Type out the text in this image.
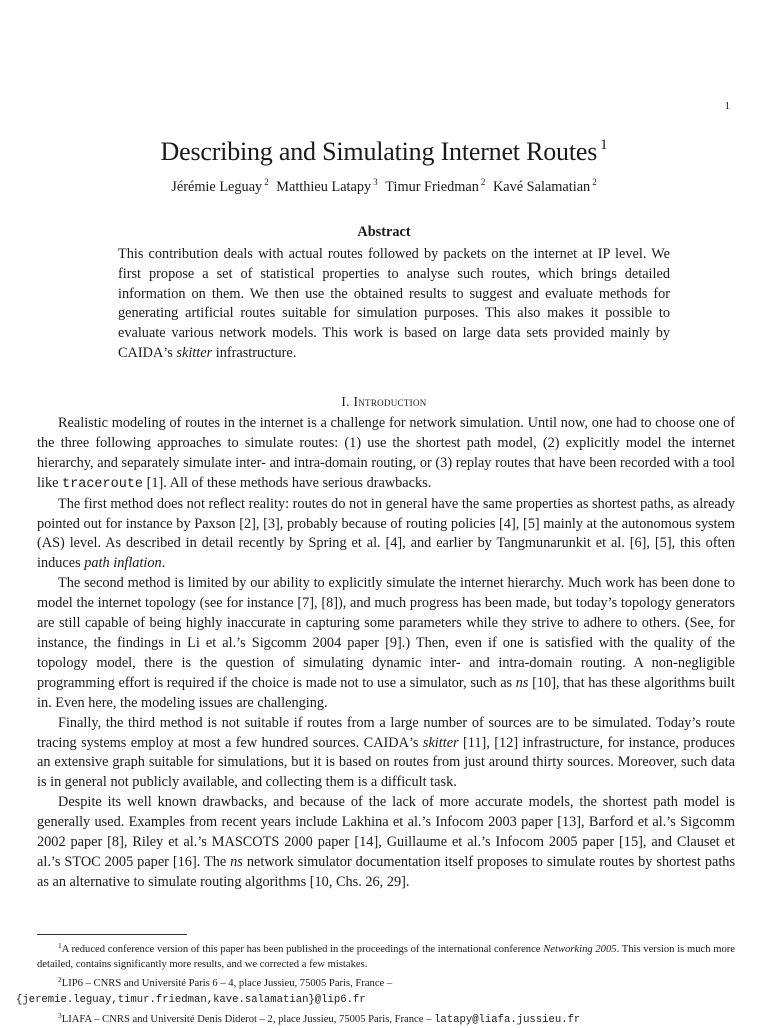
1
Describing and Simulating Internet Routes $^1$
Jérémie Leguay $^2$ Matthieu Latapy $^3$ Timur Friedman $^2$ Kavé Salamatian $^2$
Abstract
This contribution deals with actual routes followed by packets on the internet at IP level. We first propose a set of statistical properties to analyse such routes, which brings detailed information on them. We then use the obtained results to suggest and evaluate methods for generating artificial routes suitable for simulation purposes. This also makes it possible to evaluate various network models. This work is based on large data sets provided mainly by CAIDA’s skitter infrastructure.
I. Introduction

Realistic modeling of routes in the internet is a challenge for network simulation. Until now, one had to choose one of the three following approaches to simulate routes: (1) use the shortest path model, (2) explicitly model the internet hierarchy, and separately simulate inter- and intra-domain routing, or (3) replay routes that have been recorded with a tool like traceroute [1]. All of these methods have serious drawbacks.

The first method does not reflect reality: routes do not in general have the same properties as shortest paths, as already pointed out for instance by Paxson [2], [3], probably because of routing policies [4], [5] mainly at the autonomous system (AS) level. As described in detail recently by Spring et al. [4], and earlier by Tangmunarunkit et al. [6], [5], this often induces path inflation.

The second method is limited by our ability to explicitly simulate the internet hierarchy. Much work has been done to model the internet topology (see for instance [7], [8]), and much progress has been made, but today’s topology generators are still capable of being highly inaccurate in capturing some parameters while they strive to adhere to others. (See, for instance, the findings in Li et al.’s Sigcomm 2004 paper [9].) Then, even if one is satisfied with the quality of the topology model, there is the question of simulating dynamic inter- and intra-domain routing. A non-negligible programming effort is required if the choice is made not to use a simulator, such as ns [10], that has these algorithms built in. Even here, the modeling issues are challenging.

Finally, the third method is not suitable if routes from a large number of sources are to be simulated. Today’s route tracing systems employ at most a few hundred sources. CAIDA’s skitter [11], [12] infrastructure, for instance, produces an extensive graph suitable for simulations, but it is based on routes from just around thirty sources. Moreover, such data is in general not publicly available, and collecting them is a difficult task.

Despite its well known drawbacks, and because of the lack of more accurate models, the shortest path model is generally used. Examples from recent years include Lakhina et al.’s Infocom 2003 paper [13], Barford et al.’s Sigcomm 2002 paper [8], Riley et al.’s MASCOTS 2000 paper [14], Guillaume et al.’s Infocom 2005 paper [15], and Clauset et al.’s STOC 2005 paper [16]. The ns network simulator documentation itself proposes to simulate routes by shortest paths as an alternative to simulate routing algorithms [10, Chs. 26, 29].

$^1$A reduced conference version of this paper has been published in the proceedings of the international conference Networking 2005. This version is much more detailed, contains significantly more results, and we corrected a few mistakes.

$^2$LIP6 – CNRS and Université Paris 6 – 4, place Jussieu, 75005 Paris, France –
{jeremie.leguay,timur.friedman,kave.salamatian}@lip6.fr

$^3$LIAFA – CNRS and Université Denis Diderot – 2, place Jussieu, 75005 Paris, France – latapy@liafa.jussieu.fr
